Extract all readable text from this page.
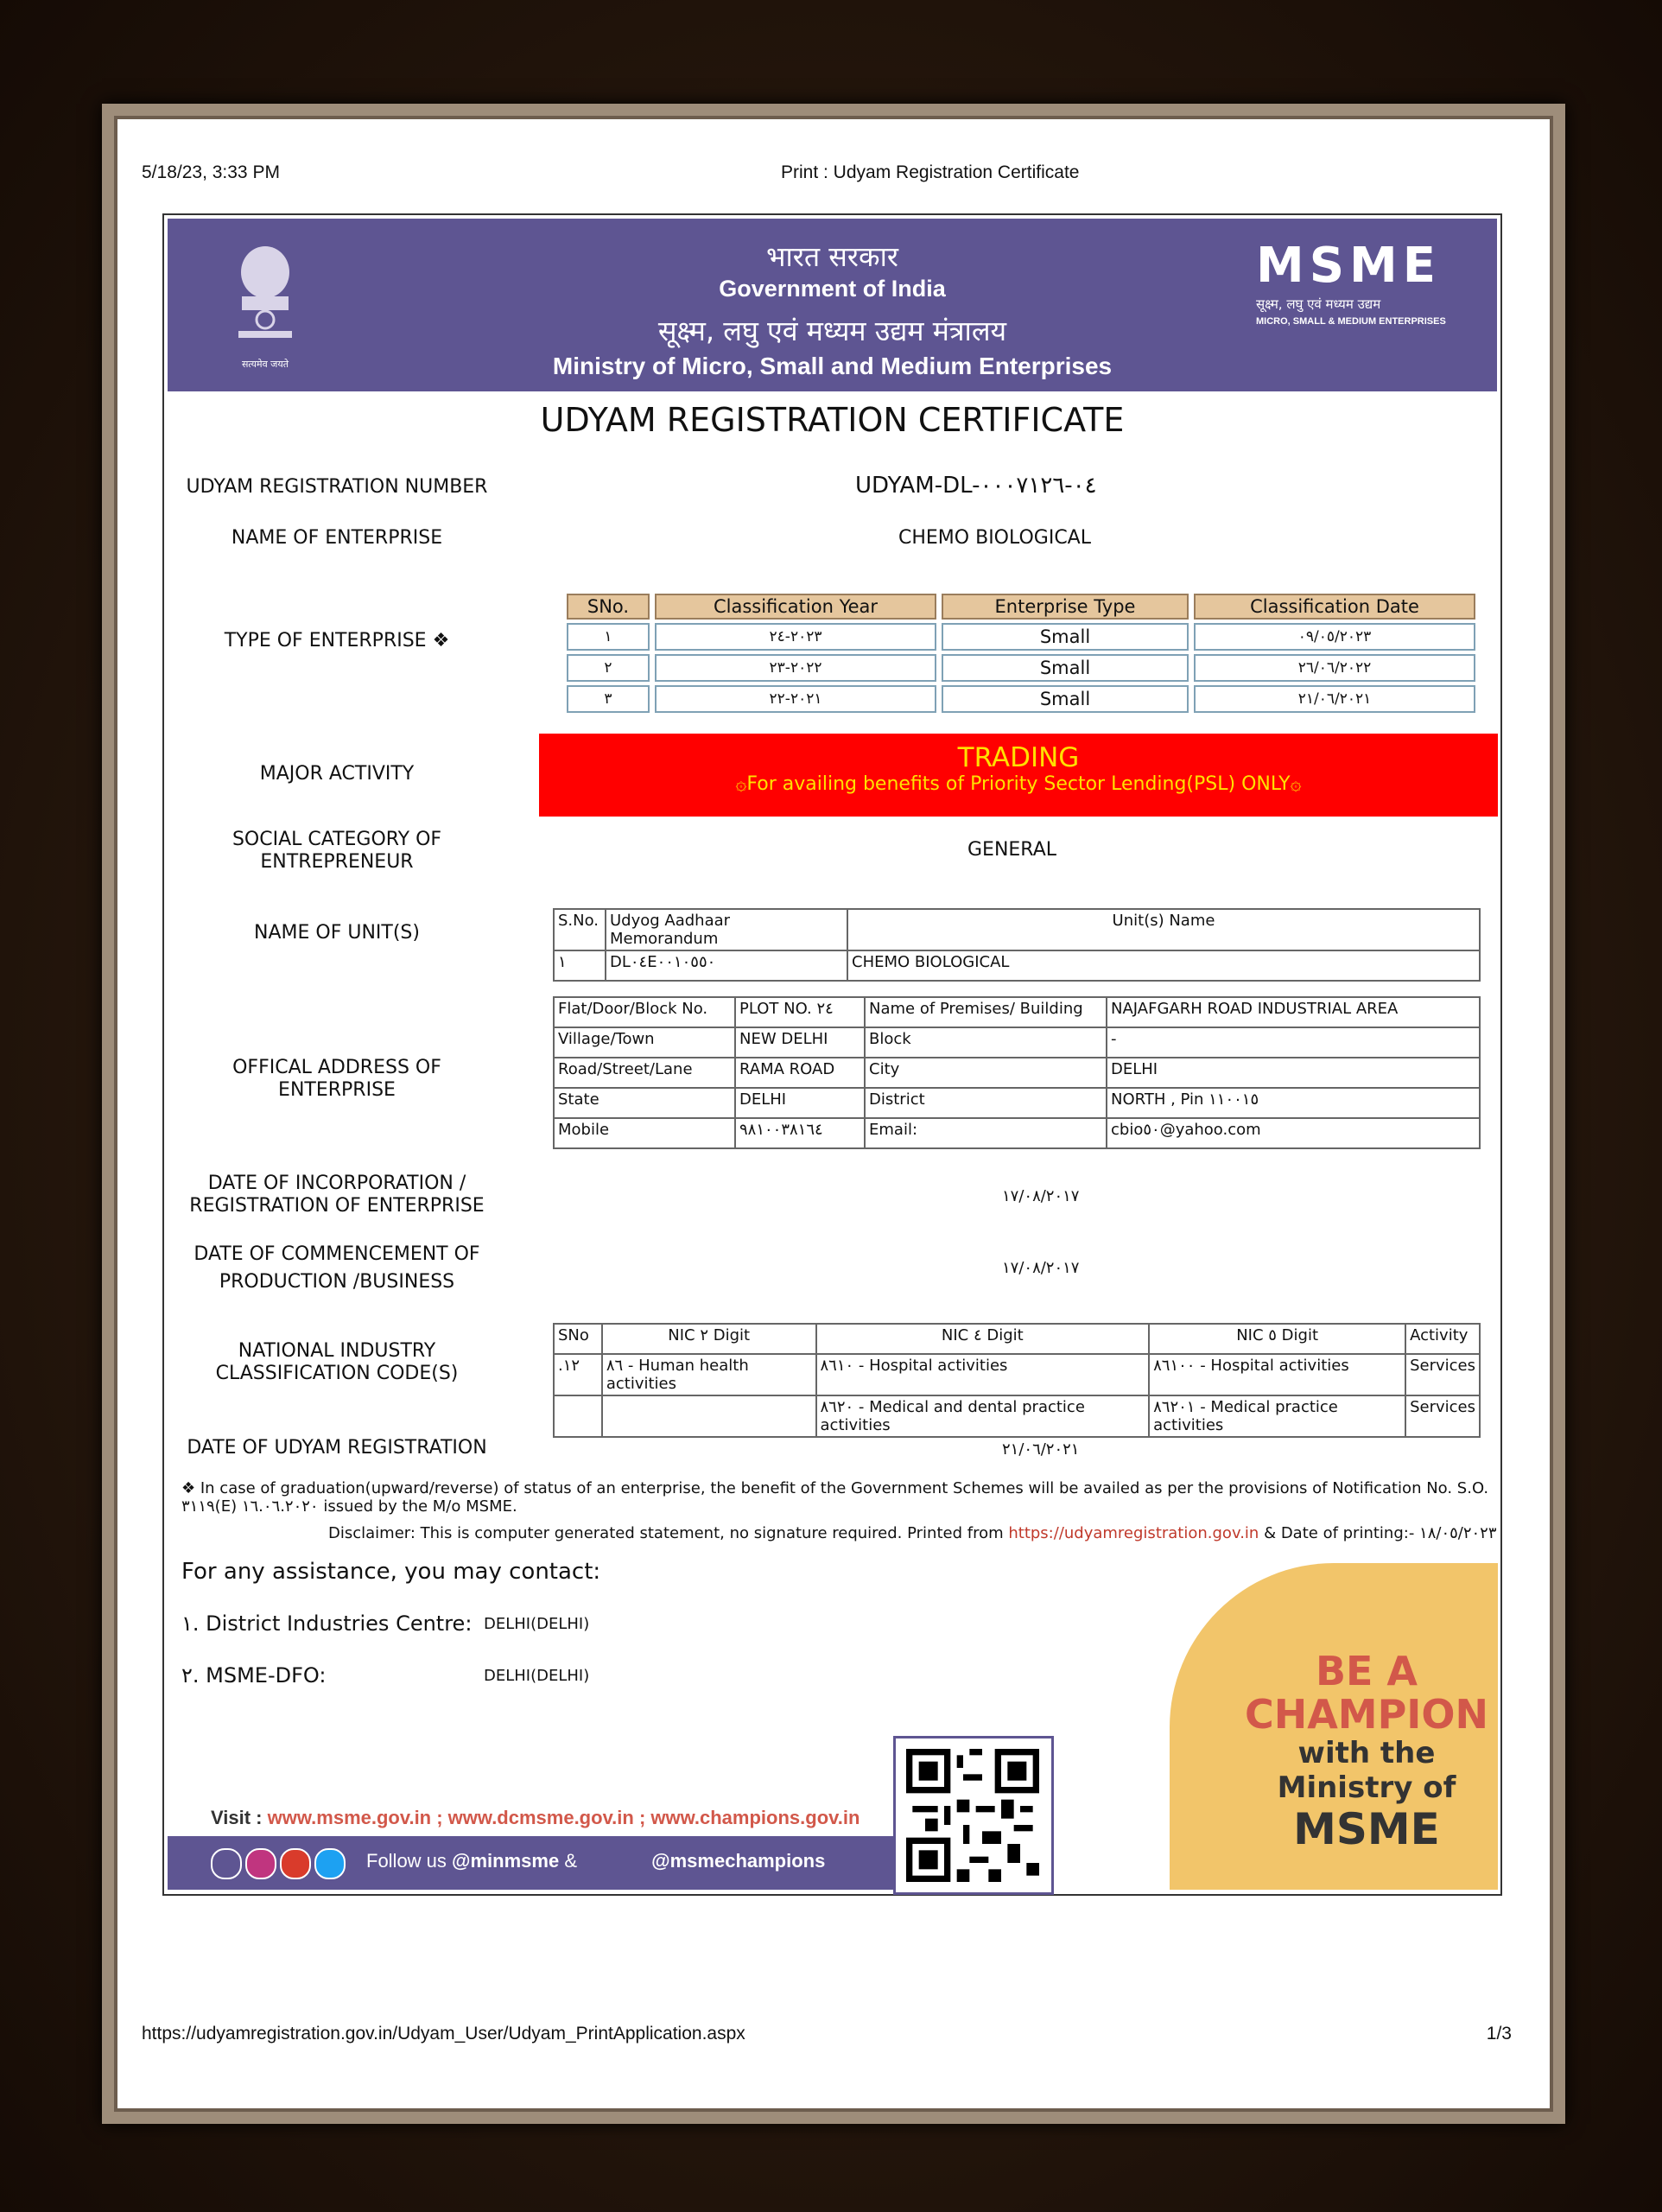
5/18/23, 3:33 PM	Print : Udyam Registration Certificate
सत्यमेव जयते
भारत सरकार
Government of India
सूक्ष्म, लघु एवं मध्यम उद्यम मंत्रालय
Ministry of Micro, Small and Medium Enterprises
MSME
सूक्ष्म, लघु एवं मध्यम उद्यम
MICRO, SMALL & MEDIUM ENTERPRISES
UDYAM REGISTRATION CERTIFICATE
UDYAM REGISTRATION NUMBER	UDYAM-DL-٠٤-٠٠٠٧١٢٦
NAME OF ENTERPRISE	CHEMO BIOLOGICAL
TYPE OF ENTERPRISE ❖
SNo.	Classification Year	Enterprise Type	Classification Date
١	٢٠٢٣-٢٤	Small	٠٩/٠٥/٢٠٢٣
٢	٢٠٢٢-٢٣	Small	٢٦/٠٦/٢٠٢٢
٣	٢٠٢١-٢٢	Small	٢١/٠٦/٢٠٢١
MAJOR ACTIVITY
TRADING
۞For availing benefits of Priority Sector Lending(PSL) ONLY۞
SOCIAL CATEGORY OF
ENTREPRENEUR
GENERAL
NAME OF UNIT(S)
S.No.	Udyog Aadhaar Memorandum	Unit(s) Name
١	DL٠٤E٠٠١٠٥٥٠	CHEMO BIOLOGICAL
OFFICAL ADDRESS OF ENTERPRISE
Flat/Door/Block No.	PLOT NO. ٢٤	Name of Premises/ Building	NAJAFGARH ROAD INDUSTRIAL AREA
Village/Town	NEW DELHI	Block	-
Road/Street/Lane	RAMA ROAD	City	DELHI
State	DELHI	District	NORTH , Pin ١١٠٠١٥
Mobile	٩٨١٠٠٣٨١٦٤	Email:	cbio٥٠@yahoo.com
DATE OF INCORPORATION /
REGISTRATION OF ENTERPRISE	١٧/٠٨/٢٠١٧
DATE OF COMMENCEMENT OF
PRODUCTION /BUSINESS
١٧/٠٨/٢٠١٧
NATIONAL INDUSTRY
CLASSIFICATION CODE(S)
SNo	NIC ٢ Digit	NIC ٤ Digit	NIC ٥ Digit	Activity
.١٢	٨٦ - Human health activities	٨٦١٠ - Hospital activities	٨٦١٠٠ - Hospital activities	Services
		٨٦٢٠ - Medical and dental practice activities	٨٦٢٠١ - Medical practice activities	Services
DATE OF UDYAM REGISTRATION	٢١/٠٦/٢٠٢١
❖ In case of graduation(upward/reverse) of status of an enterprise, the benefit of the Government Schemes will be availed as per the provisions of Notification No. S.O. ٣١١٩(E) ١٦.٠٦.٢٠٢٠ issued by the M/o MSME.
Disclaimer: This is computer generated statement, no signature required. Printed from https://udyamregistration.gov.in & Date of printing:- ١٨/٠٥/٢٠٢٣
For any assistance, you may contact:
١. District Industries Centre: DELHI(DELHI)
٢. MSME-DFO:	DELHI(DELHI)	BE A
CHAMPION
with the
Ministry of
MSME
Visit : www.msme.gov.in ; www.dcmsme.gov.in ; www.champions.gov.in
Follow us @minmsme &	@msmechampions
https://udyamregistration.gov.in/Udyam_User/Udyam_PrintApplication.aspx	1/3
